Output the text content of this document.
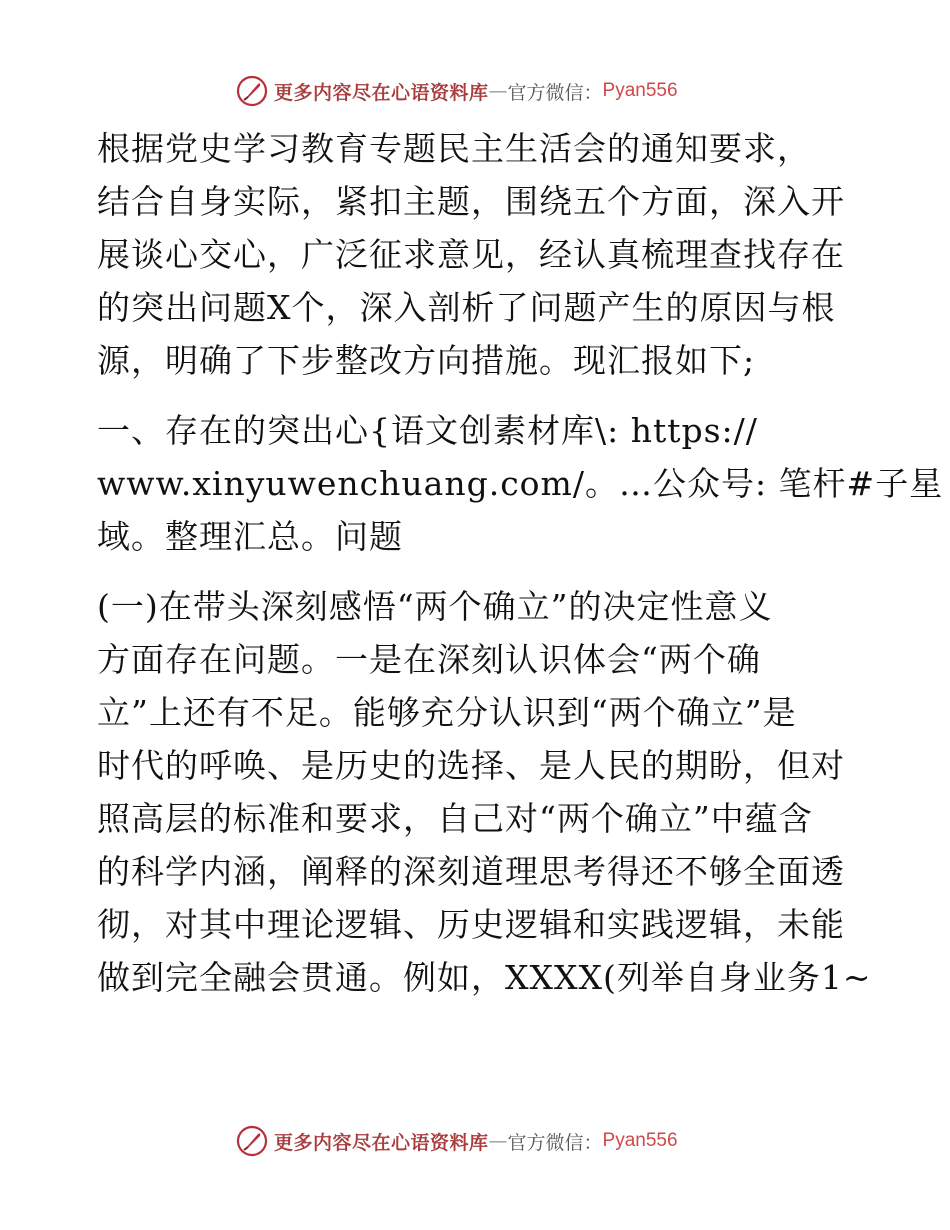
更多内容尽在心语资料库 — 官方微信： Pyan556

根据党史学习教育专题民主生活会的通知要求，
结合自身实际，紧扣主题，围绕五个方面，深入开
展谈心交心，广泛征求意见，经认真梳理查找存在
的突出问题X个，深入剖析了问题产生的原因与根
源，明确了下步整改方向措施。现汇报如下;

一、存在的突出心{语文创素材库\: https://
www.xinyuwenchuang.com/。…公众号: 笔杆#子星
域。整理汇总。问题

(一)在带头深刻感悟“两个确立”的决定性意义
方面存在问题。一是在深刻认识体会“两个确
立”上还有不足。能够充分认识到“两个确立”是
时代的呼唤、是历史的选择、是人民的期盼，但对
照高层的标准和要求，自己对“两个确立”中蕴含
的科学内涵，阐释的深刻道理思考得还不够全面透
彻，对其中理论逻辑、历史逻辑和实践逻辑，未能
做到完全融会贯通。例如，XXXX(列举自身业务1~

更多内容尽在心语资料库 — 官方微信： Pyan556
